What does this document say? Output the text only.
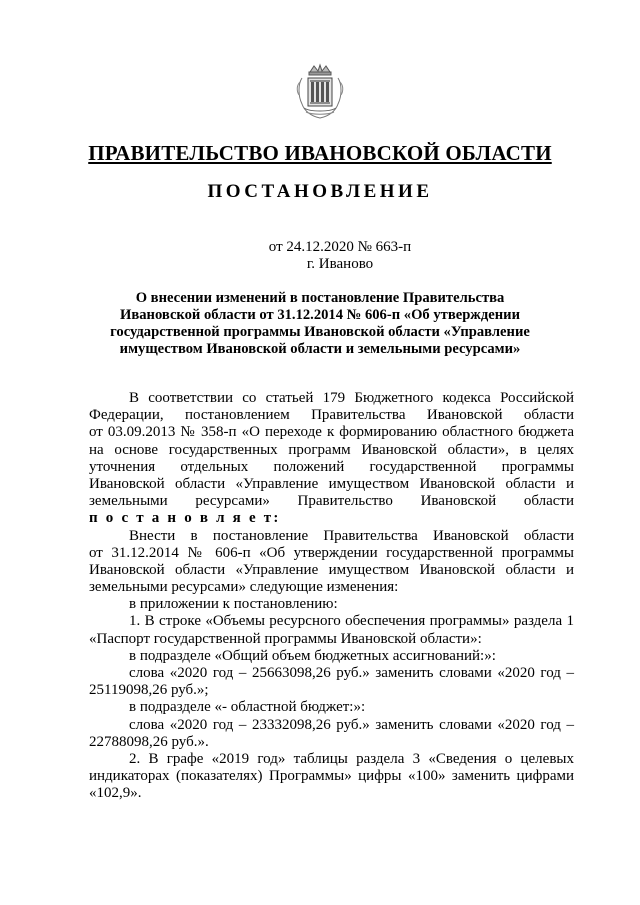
ПРАВИТЕЛЬСТВО ИВАНОВСКОЙ ОБЛАСТИ
ПОСТАНОВЛЕНИЕ
от 24.12.2020 № 663-п
г. Иваново
О внесении изменений в постановление Правительства
Ивановской области от 31.12.2014 № 606-п «Об утверждении
государственной программы Ивановской области «Управление
имуществом Ивановской области и земельными ресурсами»
В соответствии со статьей 179 Бюджетного кодекса Российской
Федерации, постановлением Правительства Ивановской области
от 03.09.2013 № 358-п «О переходе к формированию областного бюджета
на основе государственных программ Ивановской области», в целях
уточнения отдельных положений государственной программы
Ивановской области «Управление имуществом Ивановской области и
земельными ресурсами» Правительство Ивановской области
п о с т а н о в л я е т:
Внести в постановление Правительства Ивановской области
от 31.12.2014 № 606-п «Об утверждении государственной программы
Ивановской области «Управление имуществом Ивановской области и
земельными ресурсами» следующие изменения:
в приложении к постановлению:
1. В строке «Объемы ресурсного обеспечения программы» раздела 1
«Паспорт государственной программы Ивановской области»:
в подразделе «Общий объем бюджетных ассигнований:»:
слова «2020 год – 25663098,26 руб.» заменить словами «2020 год –
25119098,26 руб.»;
в подразделе «- областной бюджет:»:
слова «2020 год – 23332098,26 руб.» заменить словами «2020 год –
22788098,26 руб.».
2. В графе «2019 год» таблицы раздела 3 «Сведения о целевых
индикаторах (показателях) Программы» цифры «100» заменить цифрами
«102,9».
